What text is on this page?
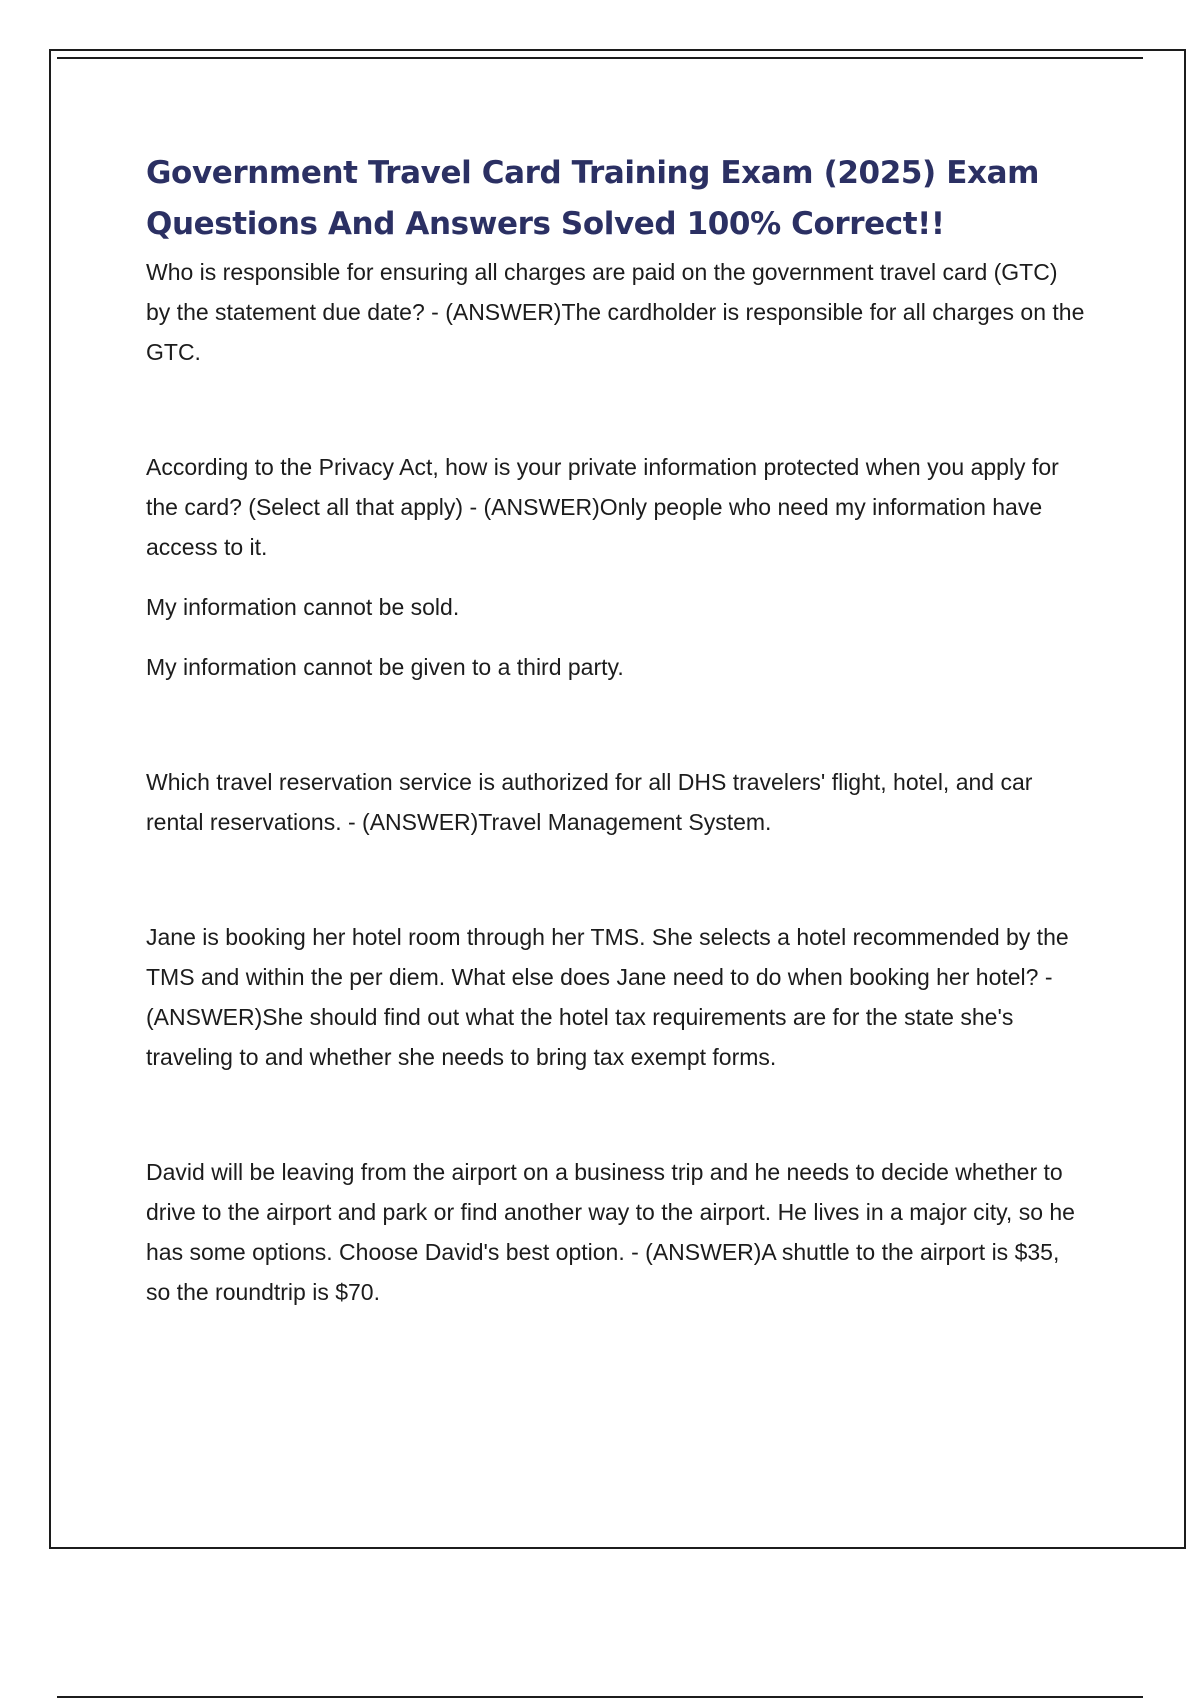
Government Travel Card Training Exam (2025) Exam Questions And Answers Solved 100% Correct!!

Who is responsible for ensuring all charges are paid on the government travel card (GTC) by the statement due date? - (ANSWER)The cardholder is responsible for all charges on the GTC.

According to the Privacy Act, how is your private information protected when you apply for the card? (Select all that apply) - (ANSWER)Only people who need my information have access to it.

My information cannot be sold.

My information cannot be given to a third party.

Which travel reservation service is authorized for all DHS travelers' flight, hotel, and car rental reservations. - (ANSWER)Travel Management System.

Jane is booking her hotel room through her TMS. She selects a hotel recommended by the TMS and within the per diem. What else does Jane need to do when booking her hotel? - (ANSWER)She should find out what the hotel tax requirements are for the state she's traveling to and whether she needs to bring tax exempt forms.

David will be leaving from the airport on a business trip and he needs to decide whether to drive to the airport and park or find another way to the airport. He lives in a major city, so he has some options. Choose David's best option. - (ANSWER)A shuttle to the airport is $35, so the roundtrip is $70.
